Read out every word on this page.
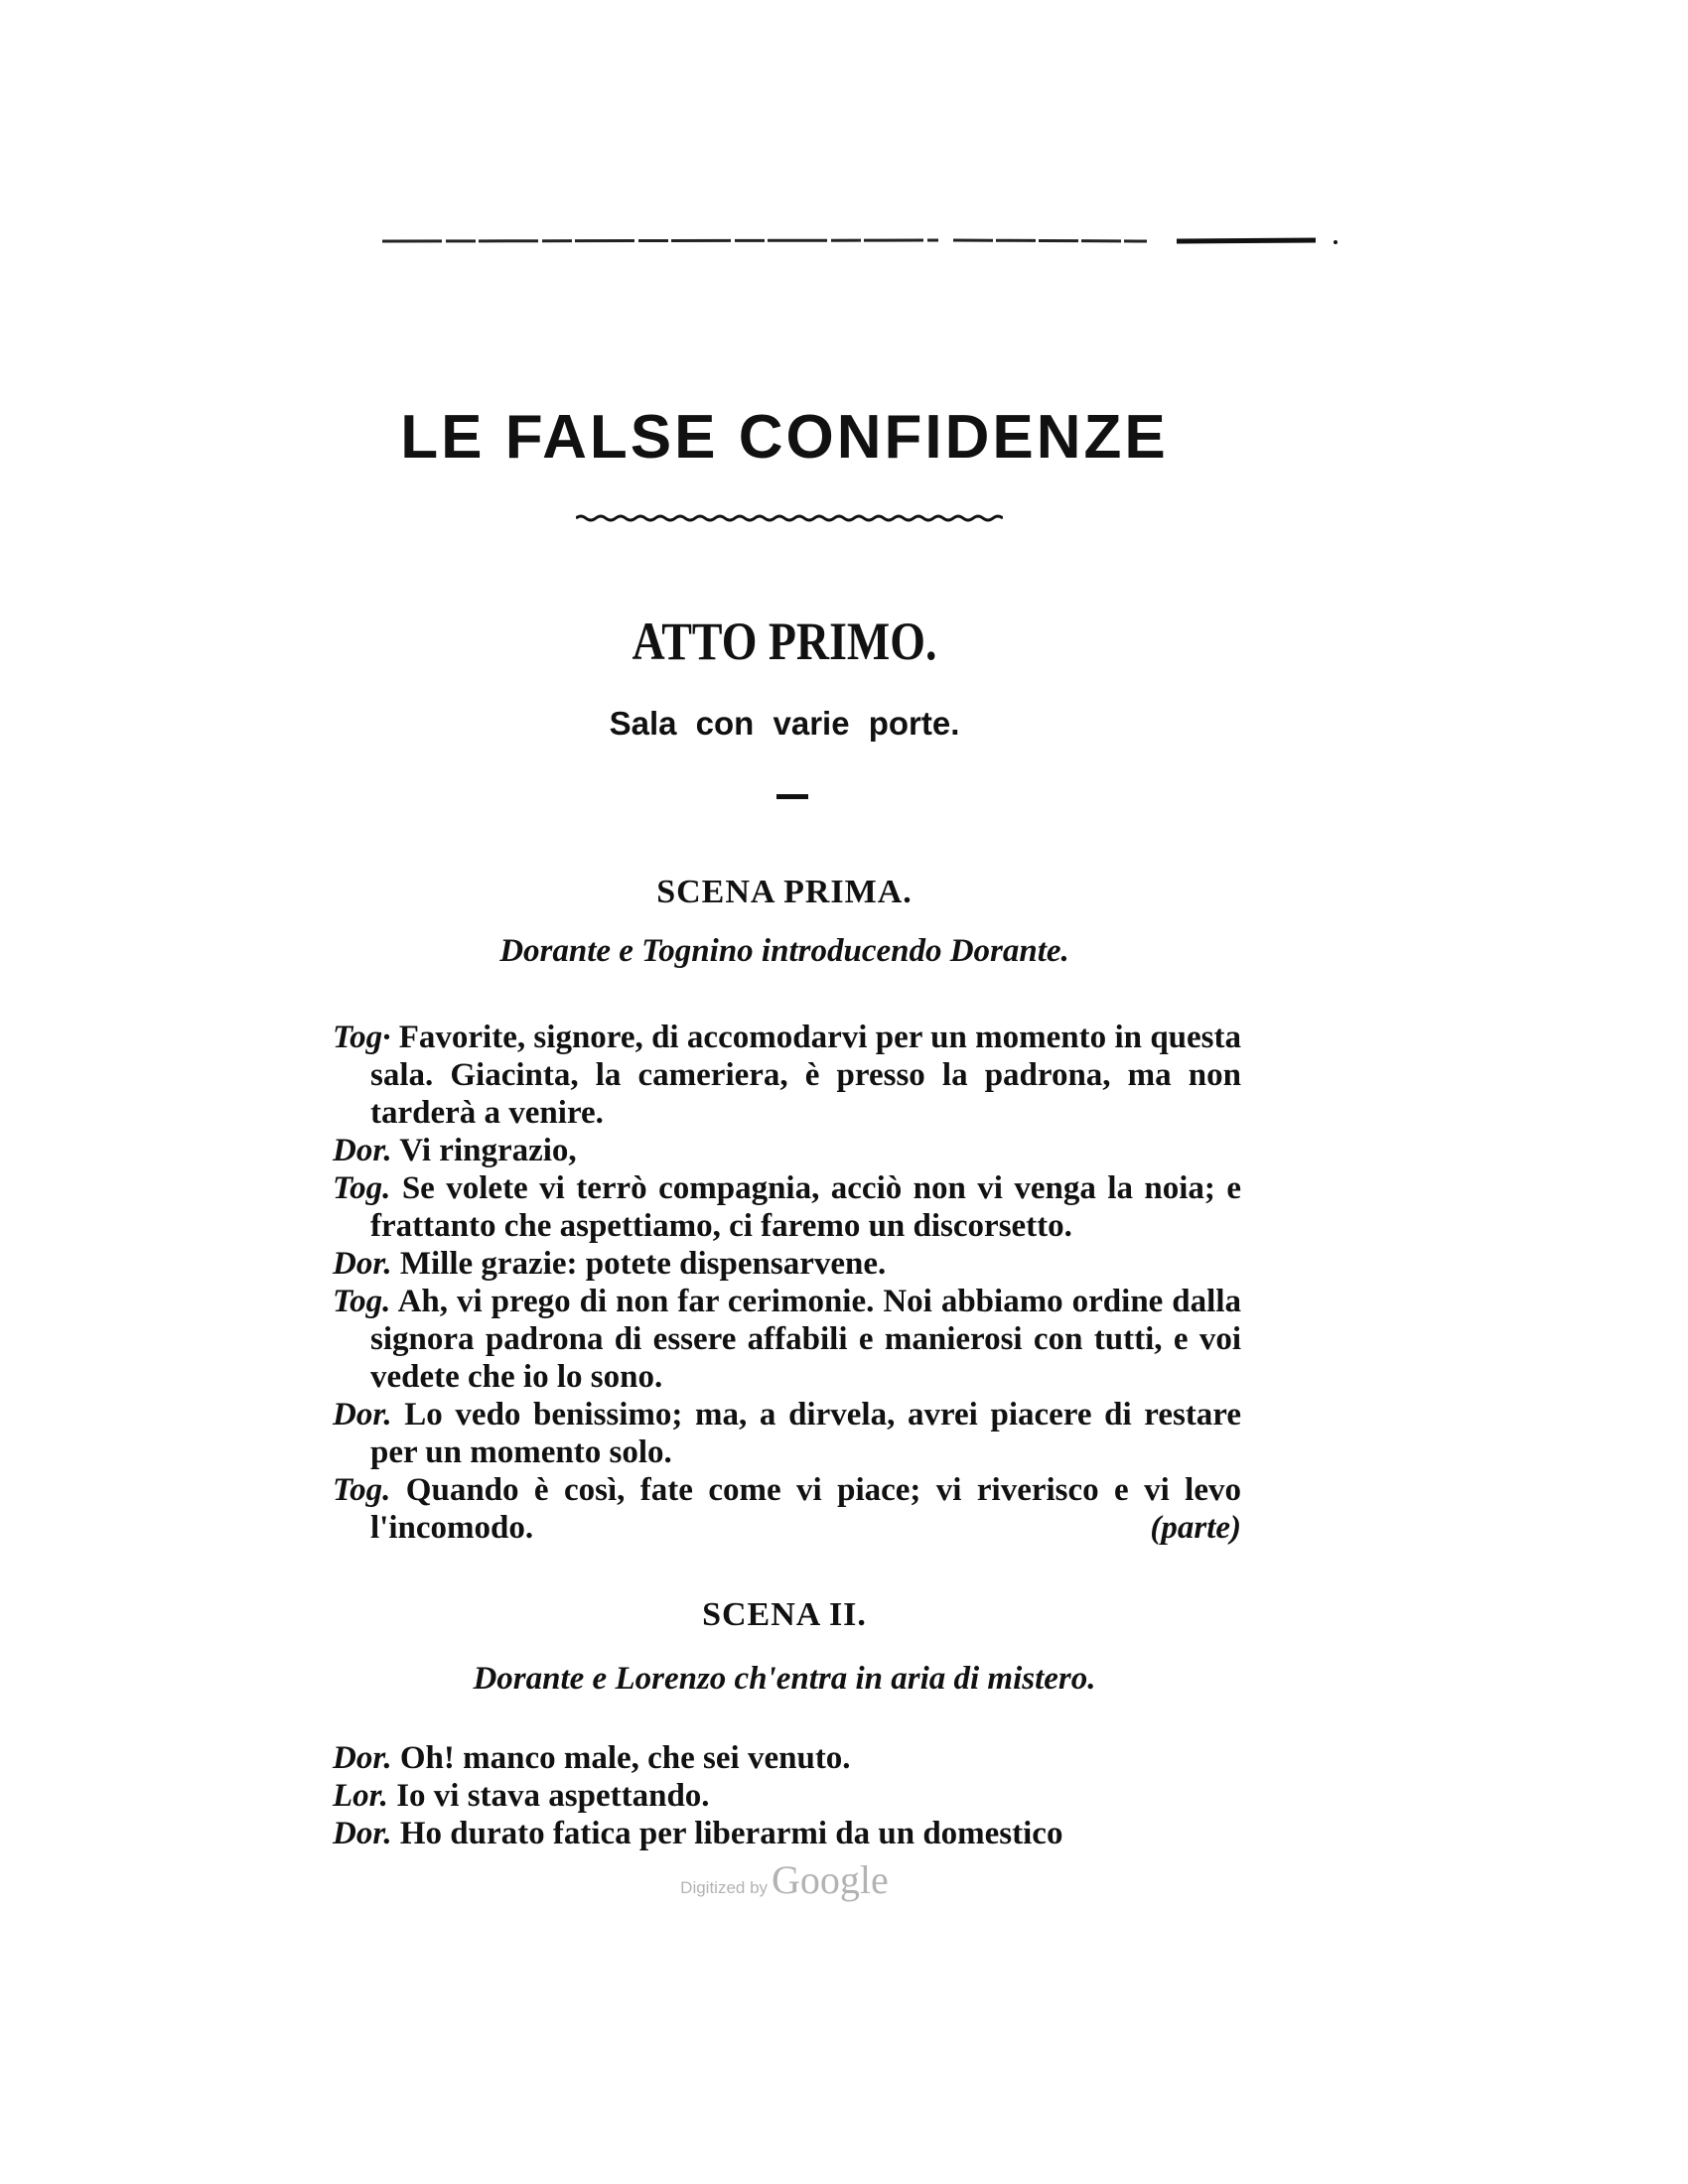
LE FALSE CONFIDENZE
ATTO PRIMO.
Sala con varie porte.
SCENA PRIMA.
Dorante e Tognino introducendo Dorante.
Tog· Favorite, signore, di accomodarvi per un momento in questa sala. Giacinta, la cameriera, è presso la padrona, ma non tarderà a venire.
Dor. Vi ringrazio,
Tog. Se volete vi terrò compagnia, acciò non vi venga la noia; e frattanto che aspettiamo, ci faremo un discorsetto.
Dor. Mille grazie: potete dispensarvene.
Tog. Ah, vi prego di non far cerimonie. Noi abbiamo ordine dalla signora padrona di essere affabili e manierosi con tutti, e voi vedete che io lo sono.
Dor. Lo vedo benissimo; ma, a dirvela, avrei piacere di restare per un momento solo.
Tog. Quando è così, fate come vi piace; vi riverisco e vi levo l'incomodo.	(parte)
SCENA II.
Dorante e Lorenzo ch'entra in aria di mistero.
Dor. Oh! manco male, che sei venuto.
Lor. Io vi stava aspettando.
Dor. Ho durato fatica per liberarmi da un domestico
Digitized by Google
